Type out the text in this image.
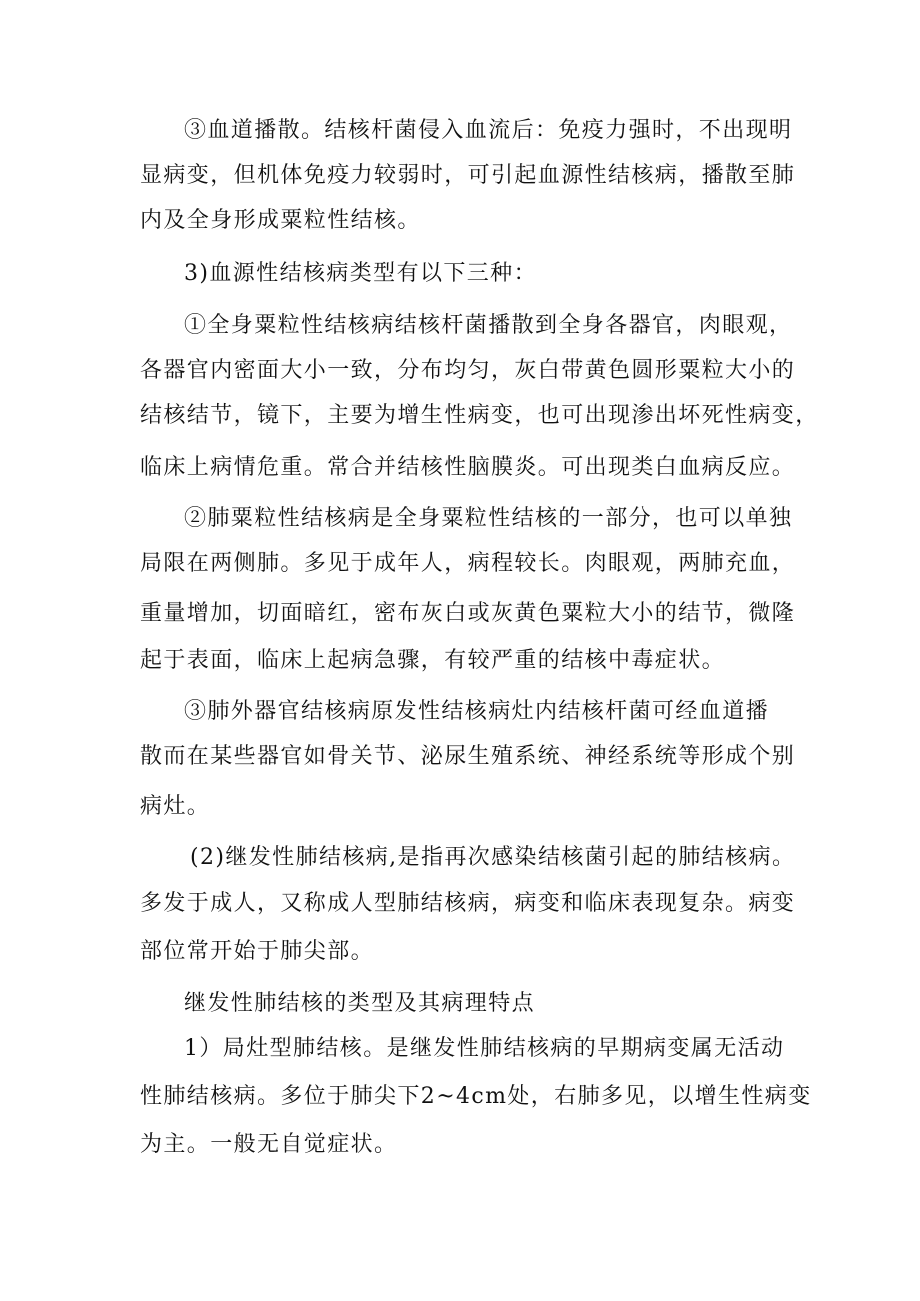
③血道播散。结核杆菌侵入血流后：免疫力强时，不出现明
显病变，但机体免疫力较弱时，可引起血源性结核病，播散至肺
内及全身形成粟粒性结核。
3)血源性结核病类型有以下三种：
①全身粟粒性结核病结核杆菌播散到全身各器官，肉眼观，
各器官内密面大小一致，分布均匀，灰白带黄色圆形粟粒大小的
结核结节，镜下，主要为增生性病变，也可出现渗出坏死性病变，
临床上病情危重。常合并结核性脑膜炎。可出现类白血病反应。
②肺粟粒性结核病是全身粟粒性结核的一部分，也可以单独
局限在两侧肺。多见于成年人，病程较长。肉眼观，两肺充血，
重量增加，切面暗红，密布灰白或灰黄色粟粒大小的结节，微隆
起于表面，临床上起病急骤，有较严重的结核中毒症状。
③肺外器官结核病原发性结核病灶内结核杆菌可经血道播
散而在某些器官如骨关节、泌尿生殖系统、神经系统等形成个别
病灶。
(2)继发性肺结核病,是指再次感染结核菌引起的肺结核病。
多发于成人，又称成人型肺结核病，病变和临床表现复杂。病变
部位常开始于肺尖部。
继发性肺结核的类型及其病理特点
1）局灶型肺结核。是继发性肺结核病的早期病变属无活动
性肺结核病。多位于肺尖下2~4cm处，右肺多见，以增生性病变
为主。一般无自觉症状。
